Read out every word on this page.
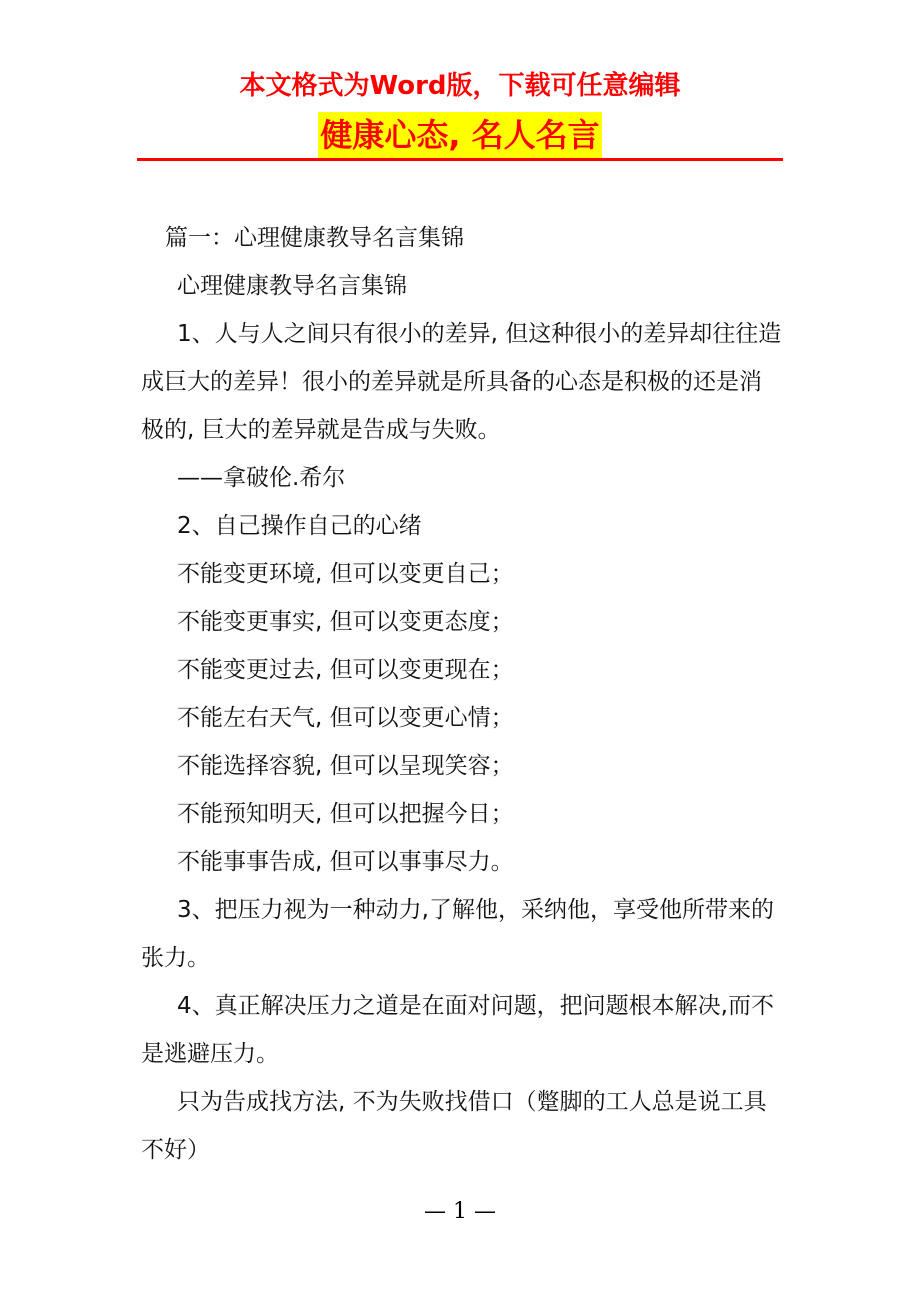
本文格式为Word版，下载可任意编辑
健康心态, 名人名言

篇一：心理健康教导名言集锦

心理健康教导名言集锦

1、人与人之间只有很小的差异, 但这种很小的差异却往往造成巨大的差异！很小的差异就是所具备的心态是积极的还是消极的, 巨大的差异就是告成与失败。

——拿破伦.希尔

2、自己操作自己的心绪

不能变更环境, 但可以变更自己；

不能变更事实, 但可以变更态度；

不能变更过去, 但可以变更现在；

不能左右天气, 但可以变更心情；

不能选择容貌, 但可以呈现笑容；

不能预知明天, 但可以把握今日；

不能事事告成, 但可以事事尽力。

3、把压力视为一种动力,了解他，采纳他，享受他所带来的张力。

4、真正解决压力之道是在面对问题，把问题根本解决,而不是逃避压力。

只为告成找方法, 不为失败找借口（蹩脚的工人总是说工具不好）

— 1 —
